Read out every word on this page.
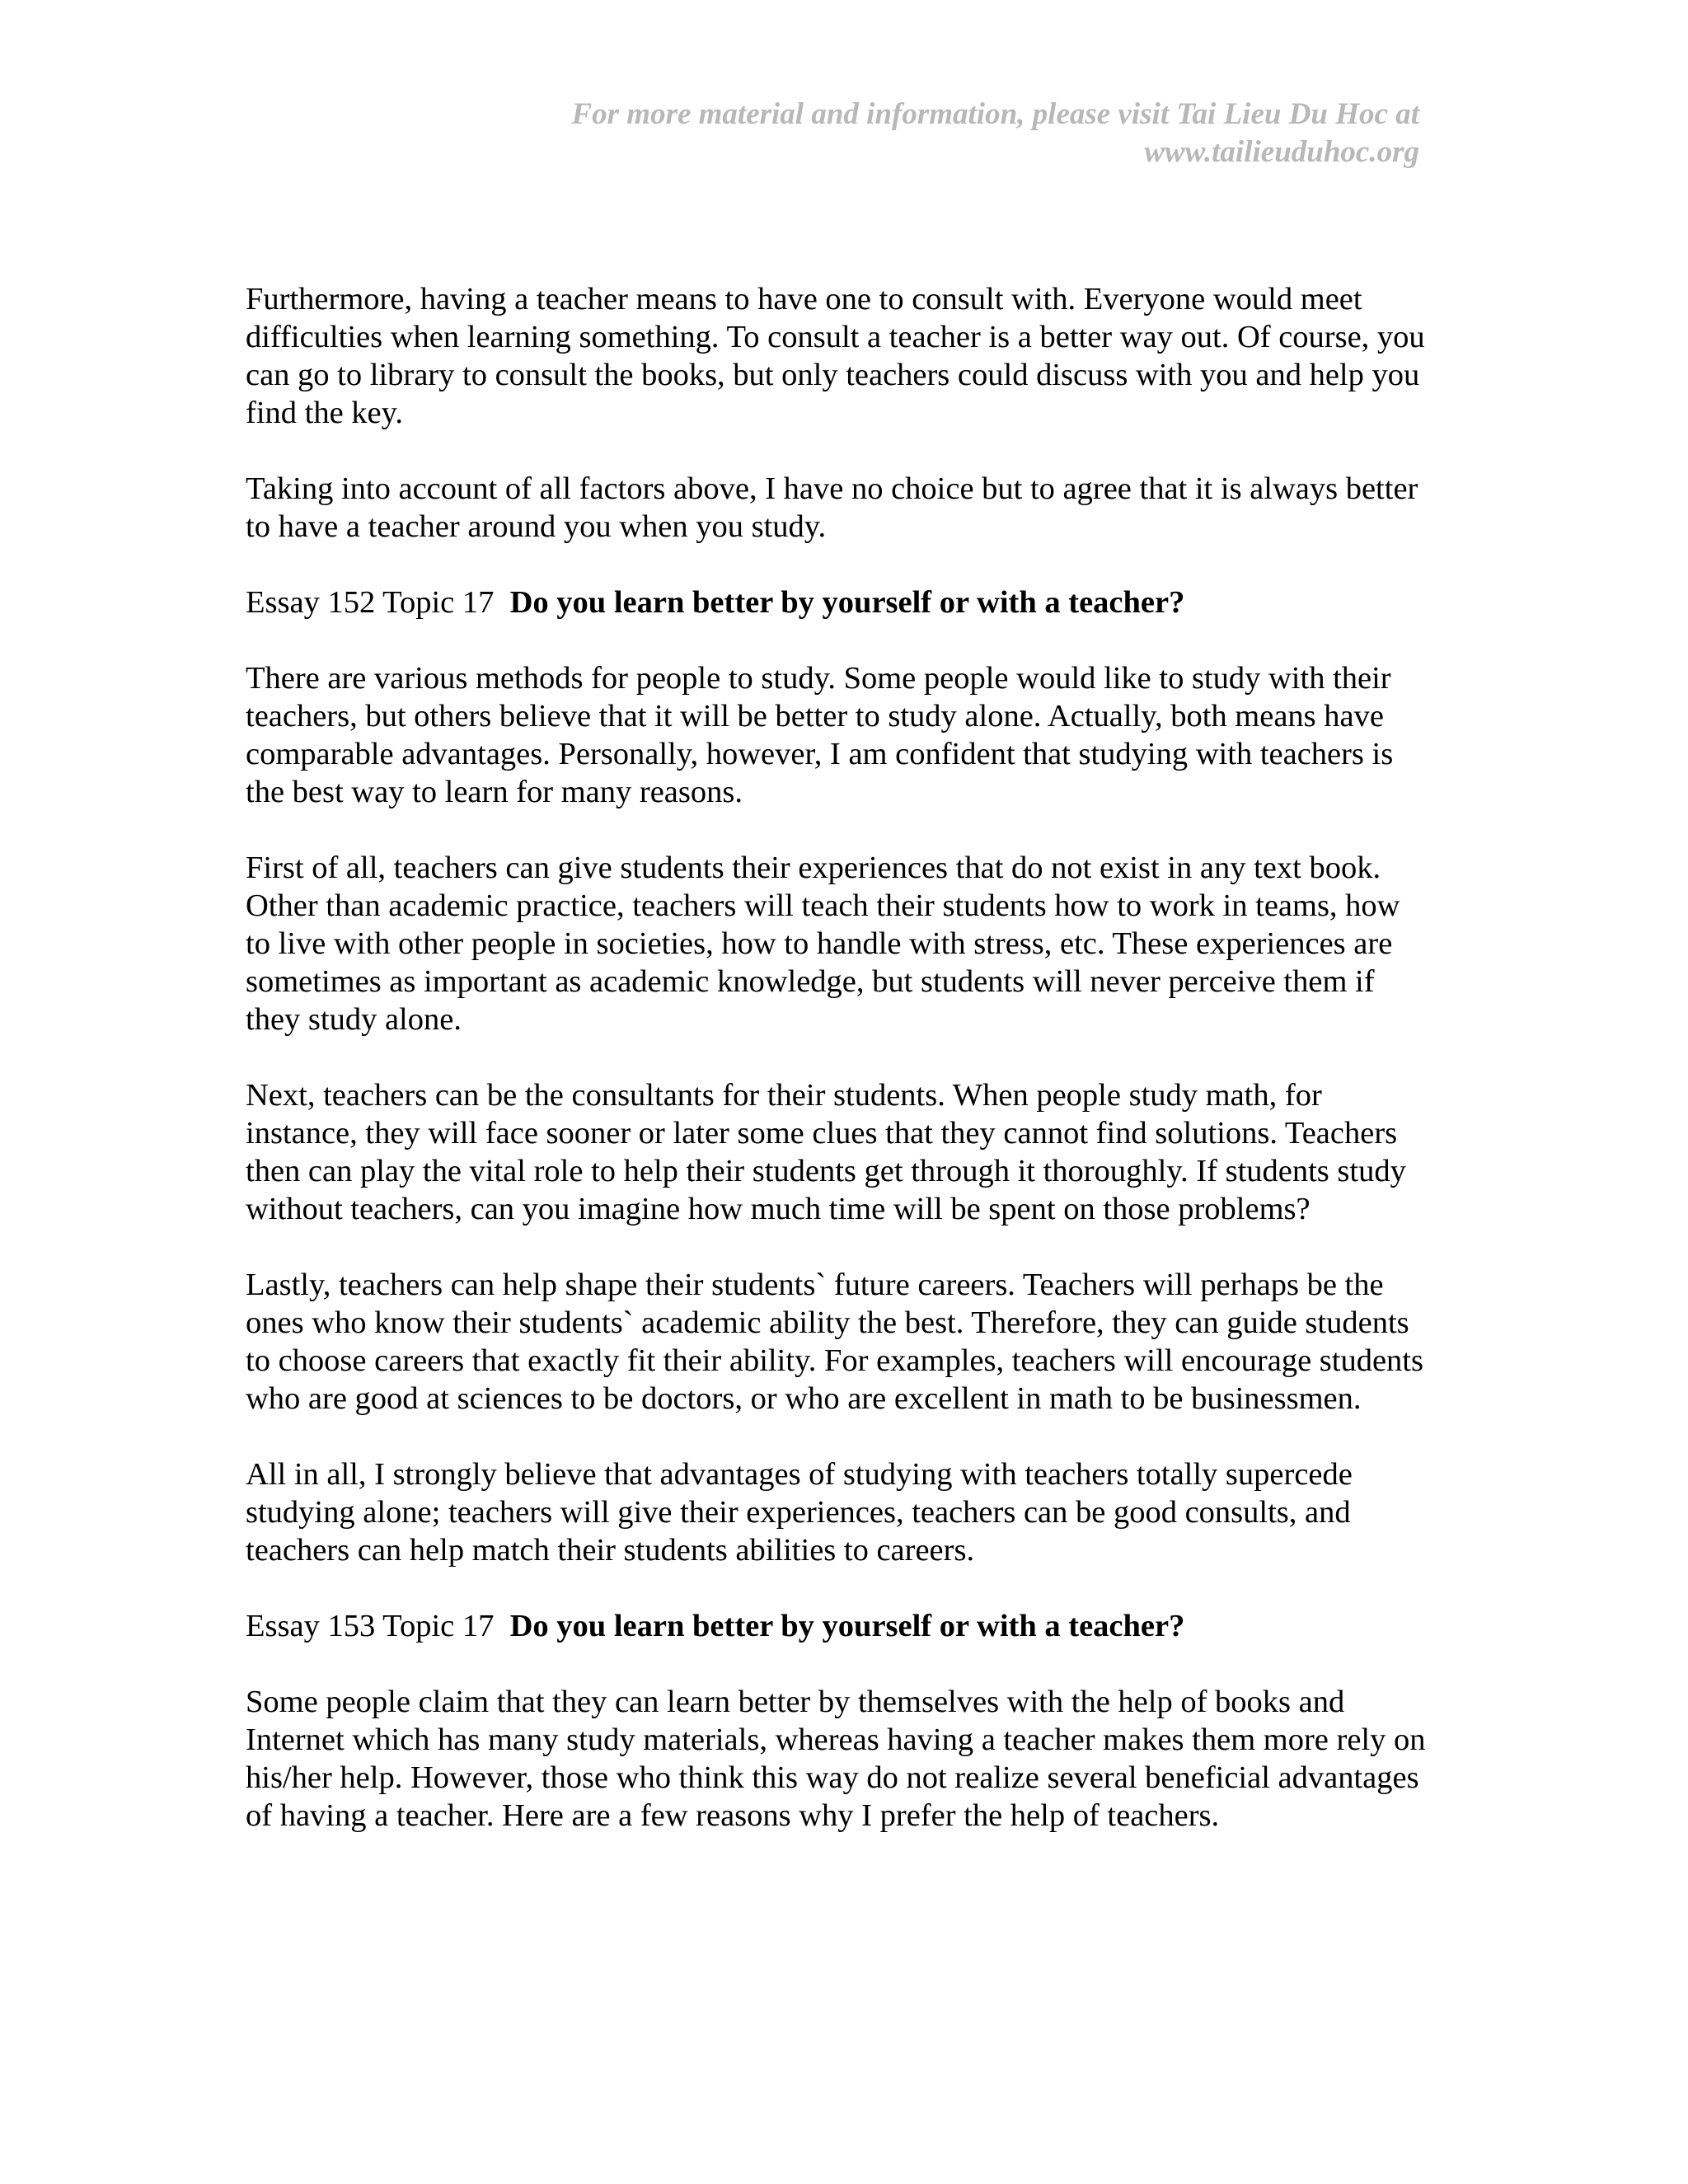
For more material and information, please visit Tai Lieu Du Hoc at
www.tailieuduhoc.org

Furthermore, having a teacher means to have one to consult with. Everyone would meet difficulties when learning something. To consult a teacher is a better way out. Of course, you can go to library to consult the books, but only teachers could discuss with you and help you find the key.

Taking into account of all factors above, I have no choice but to agree that it is always better to have a teacher around you when you study.

Essay 152 Topic 17 Do you learn better by yourself or with a teacher?

There are various methods for people to study. Some people would like to study with their teachers, but others believe that it will be better to study alone. Actually, both means have comparable advantages. Personally, however, I am confident that studying with teachers is the best way to learn for many reasons.

First of all, teachers can give students their experiences that do not exist in any text book. Other than academic practice, teachers will teach their students how to work in teams, how to live with other people in societies, how to handle with stress, etc. These experiences are sometimes as important as academic knowledge, but students will never perceive them if they study alone.

Next, teachers can be the consultants for their students. When people study math, for instance, they will face sooner or later some clues that they cannot find solutions. Teachers then can play the vital role to help their students get through it thoroughly. If students study without teachers, can you imagine how much time will be spent on those problems?

Lastly, teachers can help shape their students` future careers. Teachers will perhaps be the ones who know their students` academic ability the best. Therefore, they can guide students to choose careers that exactly fit their ability. For examples, teachers will encourage students who are good at sciences to be doctors, or who are excellent in math to be businessmen.

All in all, I strongly believe that advantages of studying with teachers totally supercede studying alone; teachers will give their experiences, teachers can be good consults, and teachers can help match their students abilities to careers.

Essay 153 Topic 17 Do you learn better by yourself or with a teacher?

Some people claim that they can learn better by themselves with the help of books and Internet which has many study materials, whereas having a teacher makes them more rely on his/her help. However, those who think this way do not realize several beneficial advantages of having a teacher. Here are a few reasons why I prefer the help of teachers.
